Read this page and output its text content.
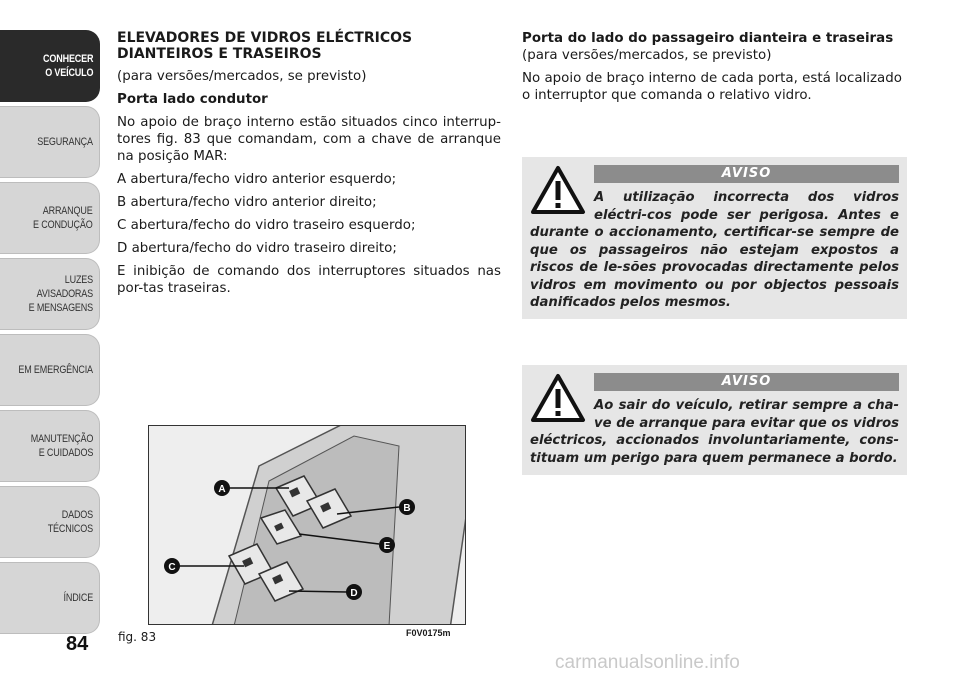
CONHECER
O VEÍCULO
SEGURANÇA
ARRANQUE
E CONDUÇÃO
LUZES AVISADORAS
E MENSAGENS
EM EMERGÊNCIA
MANUTENÇÃO
E CUIDADOS
DADOS TÉCNICOS
ÍNDICE
84

ELEVADORES DE VIDROS ELÉCTRICOS DIANTEIROS E TRASEIROS

(para versões/mercados, se previsto)

Porta lado condutor

No apoio de braço interno estão situados cinco interrup-tores fig. 83 que comandam, com a chave de arranque na posição MAR:

A abertura/fecho vidro anterior esquerdo;

B abertura/fecho vidro anterior direito;

C abertura/fecho do vidro traseiro esquerdo;

D abertura/fecho do vidro traseiro direito;

E inibição de comando dos interruptores situados nas por-tas traseiras.

Porta do lado do passageiro dianteira e traseiras

(para versões/mercados, se previsto)

No apoio de braço interno de cada porta, está localizado o interruptor que comanda o relativo vidro.

AVISO
A utilização incorrecta dos vidros eléctri-cos pode ser perigosa. Antes e durante o accionamento, certificar-se sempre de que os passageiros não estejam expostos a riscos de le-sões provocadas directamente pelos vidros em movimento ou por objectos pessoais danificados pelos mesmos.
AVISO
Ao sair do veículo, retirar sempre a cha-ve de arranque para evitar que os vidros eléctricos, accionados involuntariamente, cons-tituam um perigo para quem permanece a bordo.
A
B
C
D
E
fig. 83	F0V0175m
carmanualsonline.info
